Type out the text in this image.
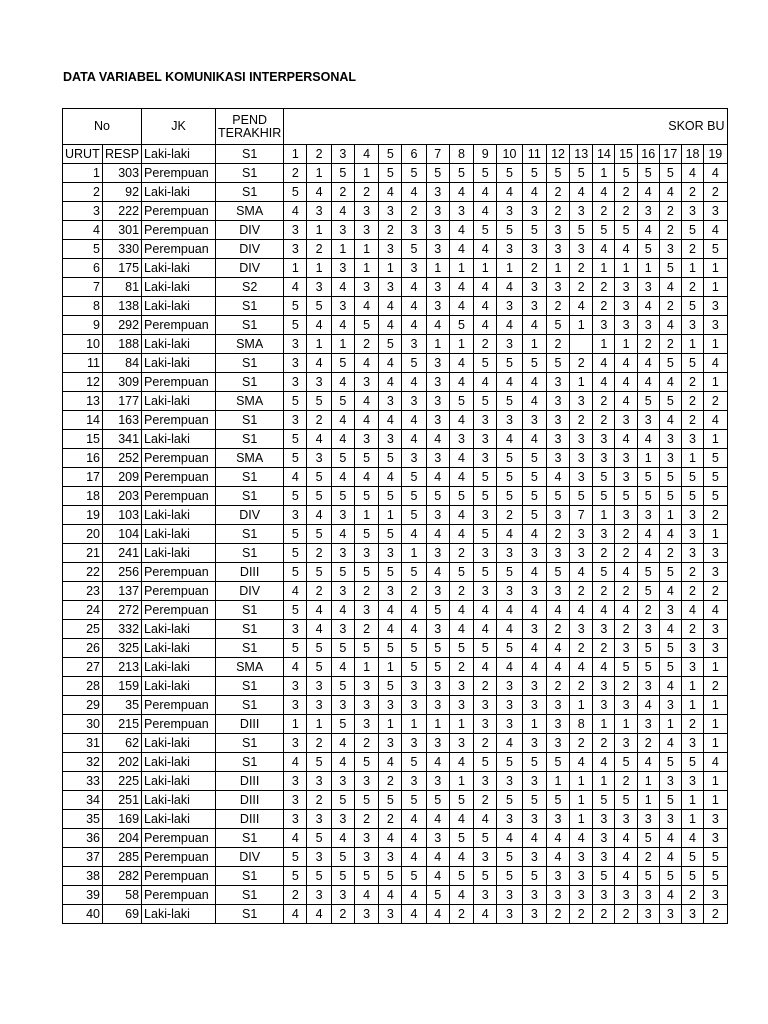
DATA VARIABEL KOMUNIKASI INTERPERSONAL
No		JK	PEND
TERAKHIR	SKOR BU																		
URUT	RESP	Laki-laki	S1	1	2	3	4	5	6	7	8	9	10	11	12	13	14	15	16	17	18	19
1	303	Perempuan	S1	2	1	5	1	5	5	5	5	5	5	5	5	5	1	5	5	5	4	4
2	92	Laki-laki	S1	5	4	2	2	4	4	3	4	4	4	4	2	4	4	2	4	4	2	2
3	222	Perempuan	SMA	4	3	4	3	3	2	3	3	4	3	3	2	3	2	2	3	2	3	3
4	301	Perempuan	DIV	3	1	3	3	2	3	3	4	5	5	5	3	5	5	5	4	2	5	4
5	330	Perempuan	DIV	3	2	1	1	3	5	3	4	4	3	3	3	3	4	4	5	3	2	5
6	175	Laki-laki	DIV	1	1	3	1	1	3	1	1	1	1	2	1	2	1	1	1	5	1	1
7	81	Laki-laki	S2	4	3	4	3	3	4	3	4	4	4	3	3	2	2	3	3	4	2	1
8	138	Laki-laki	S1	5	5	3	4	4	4	3	4	4	3	3	2	4	2	3	4	2	5	3
9	292	Perempuan	S1	5	4	4	5	4	4	4	5	4	4	4	5	1	3	3	3	4	3	3
10	188	Laki-laki	SMA	3	1	1	2	5	3	1	1	2	3	1	2		1	1	2	2	1	1
11	84	Laki-laki	S1	3	4	5	4	4	5	3	4	5	5	5	5	2	4	4	4	5	5	4
12	309	Perempuan	S1	3	3	4	3	4	4	3	4	4	4	4	3	1	4	4	4	4	2	1
13	177	Laki-laki	SMA	5	5	5	4	3	3	3	5	5	5	4	3	3	2	4	5	5	2	2
14	163	Perempuan	S1	3	2	4	4	4	4	3	4	3	3	3	3	2	2	3	3	4	2	4
15	341	Laki-laki	S1	5	4	4	3	3	4	4	3	3	4	4	3	3	3	4	4	3	3	1
16	252	Perempuan	SMA	5	3	5	5	5	3	3	4	3	5	5	3	3	3	3	1	3	1	5
17	209	Perempuan	S1	4	5	4	4	4	5	4	4	5	5	5	4	3	5	3	5	5	5	5
18	203	Perempuan	S1	5	5	5	5	5	5	5	5	5	5	5	5	5	5	5	5	5	5	5
19	103	Laki-laki	DIV	3	4	3	1	1	5	3	4	3	2	5	3	7	1	3	3	1	3	2
20	104	Laki-laki	S1	5	5	4	5	5	4	4	4	5	4	4	2	3	3	2	4	4	3	1
21	241	Laki-laki	S1	5	2	3	3	3	1	3	2	3	3	3	3	3	2	2	4	2	3	3
22	256	Perempuan	DIII	5	5	5	5	5	5	4	5	5	5	4	5	4	5	4	5	5	2	3
23	137	Perempuan	DIV	4	2	3	2	3	2	3	2	3	3	3	3	2	2	2	5	4	2	2
24	272	Perempuan	S1	5	4	4	3	4	4	5	4	4	4	4	4	4	4	4	2	3	4	4
25	332	Laki-laki	S1	3	4	3	2	4	4	3	4	4	4	3	2	3	3	2	3	4	2	3
26	325	Laki-laki	S1	5	5	5	5	5	5	5	5	5	5	4	4	2	2	3	5	5	3	3
27	213	Laki-laki	SMA	4	5	4	1	1	5	5	2	4	4	4	4	4	4	5	5	5	3	1
28	159	Laki-laki	S1	3	3	5	3	5	3	3	3	2	3	3	2	2	3	2	3	4	1	2
29	35	Perempuan	S1	3	3	3	3	3	3	3	3	3	3	3	3	1	3	3	4	3	1	1
30	215	Perempuan	DIII	1	1	5	3	1	1	1	1	3	3	1	3	8	1	1	3	1	2	1
31	62	Laki-laki	S1	3	2	4	2	3	3	3	3	2	4	3	3	2	2	3	2	4	3	1
32	202	Laki-laki	S1	4	5	4	5	4	5	4	4	5	5	5	5	4	4	5	4	5	5	4
33	225	Laki-laki	DIII	3	3	3	3	2	3	3	1	3	3	3	1	1	1	2	1	3	3	1
34	251	Laki-laki	DIII	3	2	5	5	5	5	5	5	2	5	5	5	1	5	5	1	5	1	1
35	169	Laki-laki	DIII	3	3	3	2	2	4	4	4	4	3	3	3	1	3	3	3	3	1	3
36	204	Perempuan	S1	4	5	4	3	4	4	3	5	5	4	4	4	4	3	4	5	4	4	3
37	285	Perempuan	DIV	5	3	5	3	3	4	4	4	3	5	3	4	3	3	4	2	4	5	5
38	282	Perempuan	S1	5	5	5	5	5	5	4	5	5	5	5	3	3	5	4	5	5	5	5
39	58	Perempuan	S1	2	3	3	4	4	4	5	4	3	3	3	3	3	3	3	3	4	2	3
40	69	Laki-laki	S1	4	4	2	3	3	4	4	2	4	3	3	2	2	2	2	3	3	3	2
